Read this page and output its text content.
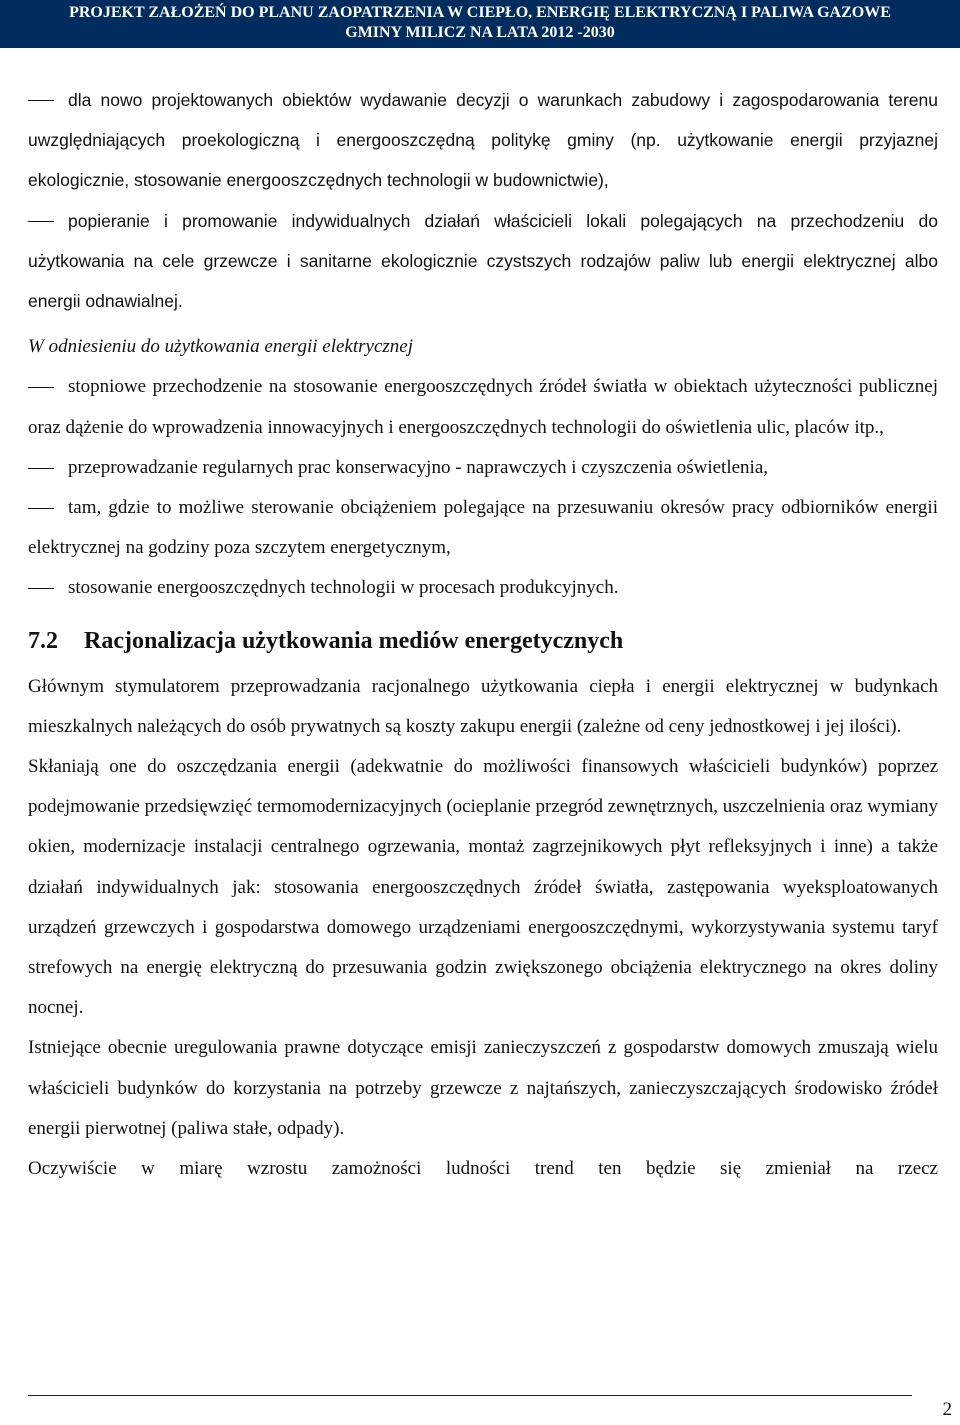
PROJEKT ZAŁOŻEŃ DO PLANU ZAOPATRZENIA W CIEPŁO, ENERGIĘ ELEKTRYCZNĄ I PALIWA GAZOWE
GMINY MILICZ NA LATA 2012 -2030
dla nowo projektowanych obiektów wydawanie decyzji o warunkach zabudowy i zagospodarowania terenu uwzględniających proekologiczną i energooszczędną politykę gminy (np. użytkowanie energii przyjaznej ekologicznie, stosowanie energooszczędnych technologii w budownictwie),
popieranie i promowanie indywidualnych działań właścicieli lokali polegających na przechodzeniu do użytkowania na cele grzewcze i sanitarne ekologicznie czystszych rodzajów paliw lub energii elektrycznej albo energii odnawialnej.

W odniesieniu do użytkowania energii elektrycznej

stopniowe przechodzenie na stosowanie energooszczędnych źródeł światła w obiektach użyteczności publicznej oraz dążenie do wprowadzenia innowacyjnych i energooszczędnych technologii do oświetlenia ulic, placów itp.,
przeprowadzanie regularnych prac konserwacyjno - naprawczych i czyszczenia oświetlenia,
tam, gdzie to możliwe sterowanie obciążeniem polegające na przesuwaniu okresów pracy odbiorników energii elektrycznej na godziny poza szczytem energetycznym,
stosowanie energooszczędnych technologii w procesach produkcyjnych.
7.2 Racjonalizacja użytkowania mediów energetycznych

Głównym stymulatorem przeprowadzania racjonalnego użytkowania ciepła i energii elektrycznej w budynkach mieszkalnych należących do osób prywatnych są koszty zakupu energii (zależne od ceny jednostkowej i jej ilości).

Skłaniają one do oszczędzania energii (adekwatnie do możliwości finansowych właścicieli budynków) poprzez podejmowanie przedsięwzięć termomodernizacyjnych (ocieplanie przegród zewnętrznych, uszczelnienia oraz wymiany okien, modernizacje instalacji centralnego ogrzewania, montaż zagrzejnikowych płyt refleksyjnych i inne) a także działań indywidualnych jak: stosowania energooszczędnych źródeł światła, zastępowania wyeksploatowanych urządzeń grzewczych i gospodarstwa domowego urządzeniami energooszczędnymi, wykorzystywania systemu taryf strefowych na energię elektryczną do przesuwania godzin zwiększonego obciążenia elektrycznego na okres doliny nocnej.

Istniejące obecnie uregulowania prawne dotyczące emisji zanieczyszczeń z gospodarstw domowych zmuszają wielu właścicieli budynków do korzystania na potrzeby grzewcze z najtańszych, zanieczyszczających środowisko źródeł energii pierwotnej (paliwa stałe, odpady).

Oczywiście w miarę wzrostu zamożności ludności trend ten będzie się zmieniał na rzecz

2
